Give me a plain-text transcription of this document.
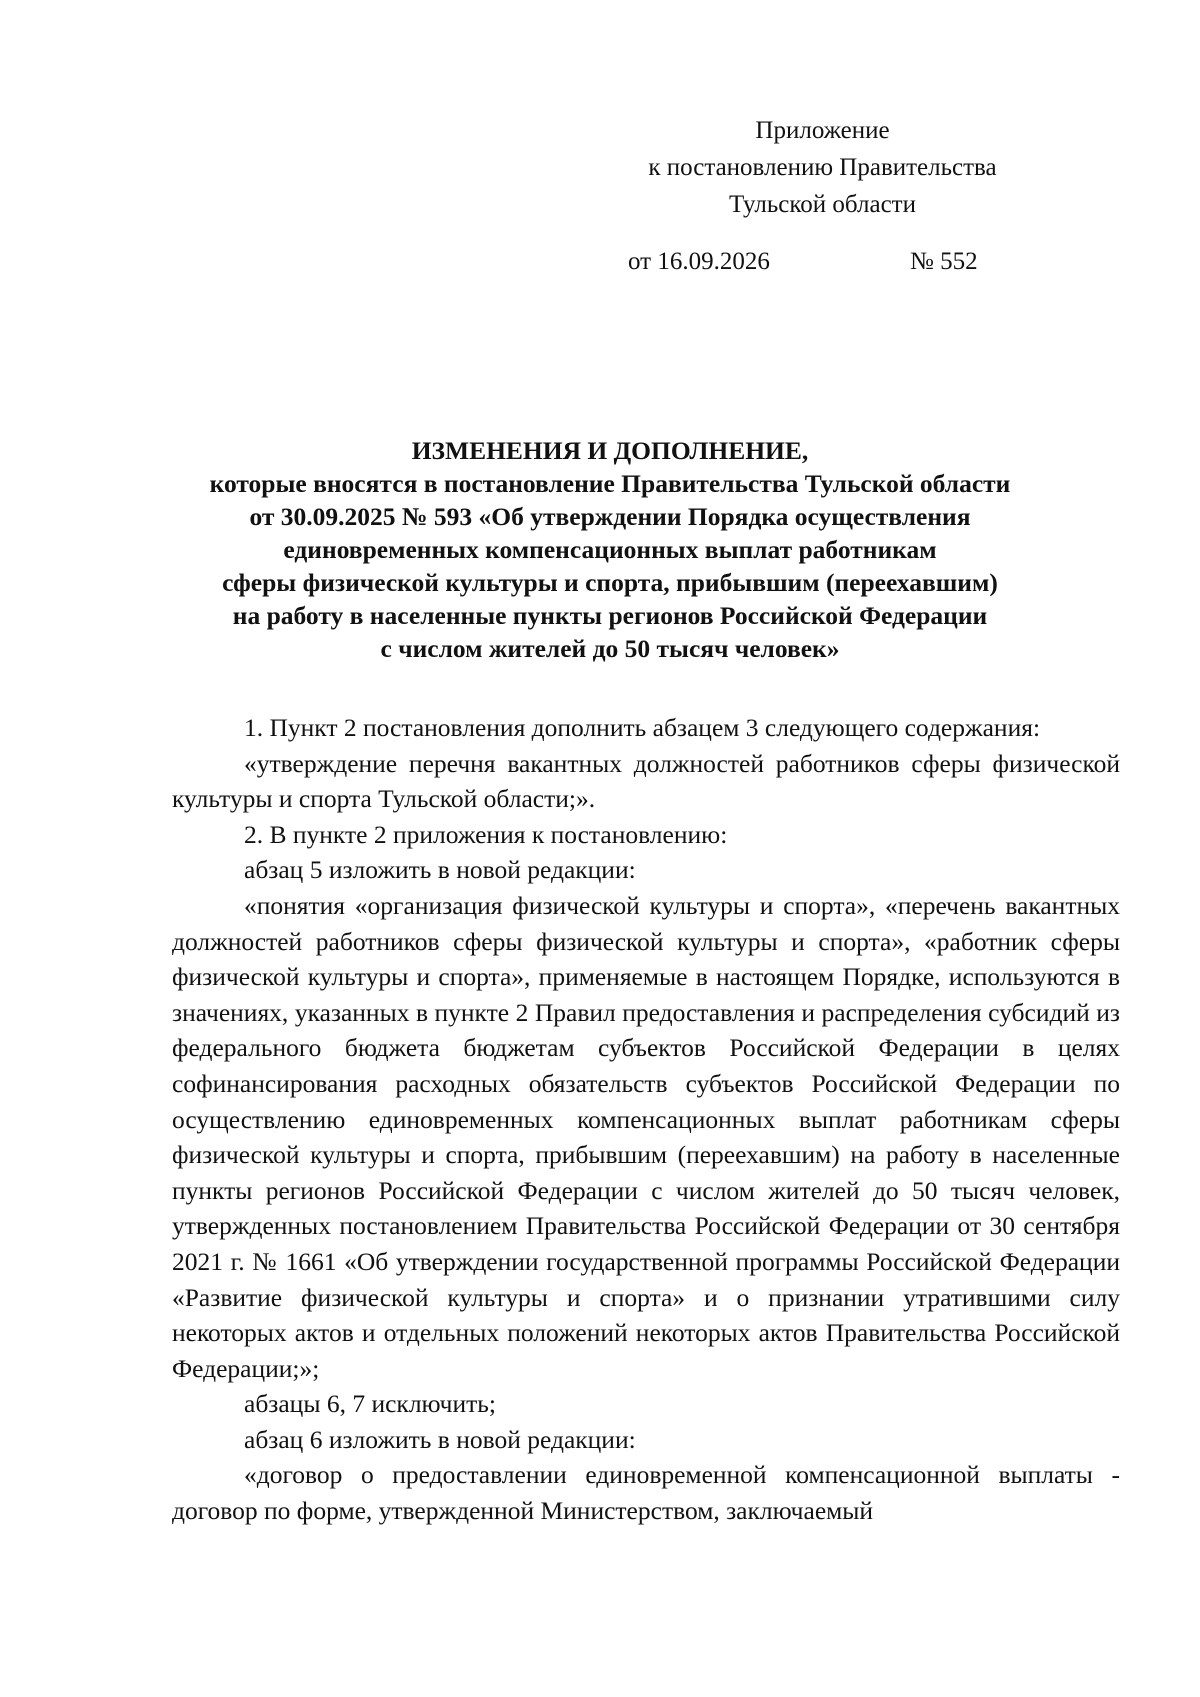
Приложение
к постановлению Правительства
Тульской области
от 16.09.2026	№ 552
ИЗМЕНЕНИЯ И ДОПОЛНЕНИЕ,
которые вносятся в постановление Правительства Тульской области
от 30.09.2025 № 593 «Об утверждении Порядка осуществления
единовременных компенсационных выплат работникам
сферы физической культуры и спорта, прибывшим (переехавшим)
на работу в населенные пункты регионов Российской Федерации
с числом жителей до 50 тысяч человек»

1. Пункт 2 постановления дополнить абзацем 3 следующего содержания:

«утверждение перечня вакантных должностей работников сферы физической культуры и спорта Тульской области;».

2. В пункте 2 приложения к постановлению:

абзац 5 изложить в новой редакции:

«понятия «организация физической культуры и спорта», «перечень вакантных должностей работников сферы физической культуры и спорта», «работник сферы физической культуры и спорта», применяемые в настоящем Порядке, используются в значениях, указанных в пункте 2 Правил предоставления и распределения субсидий из федерального бюджета бюджетам субъектов Российской Федерации в целях софинансирования расходных обязательств субъектов Российской Федерации по осуществлению единовременных компенсационных выплат работникам сферы физической культуры и спорта, прибывшим (переехавшим) на работу в населенные пункты регионов Российской Федерации с числом жителей до 50 тысяч человек, утвержденных постановлением Правительства Российской Федерации от 30 сентября 2021 г. № 1661 «Об утверждении государственной программы Российской Федерации «Развитие физической культуры и спорта» и о признании утратившими силу некоторых актов и отдельных положений некоторых актов Правительства Российской Федерации;»;

абзацы 6, 7 исключить;

абзац 6 изложить в новой редакции:

«договор о предоставлении единовременной компенсационной выплаты - договор по форме, утвержденной Министерством, заключаемый
